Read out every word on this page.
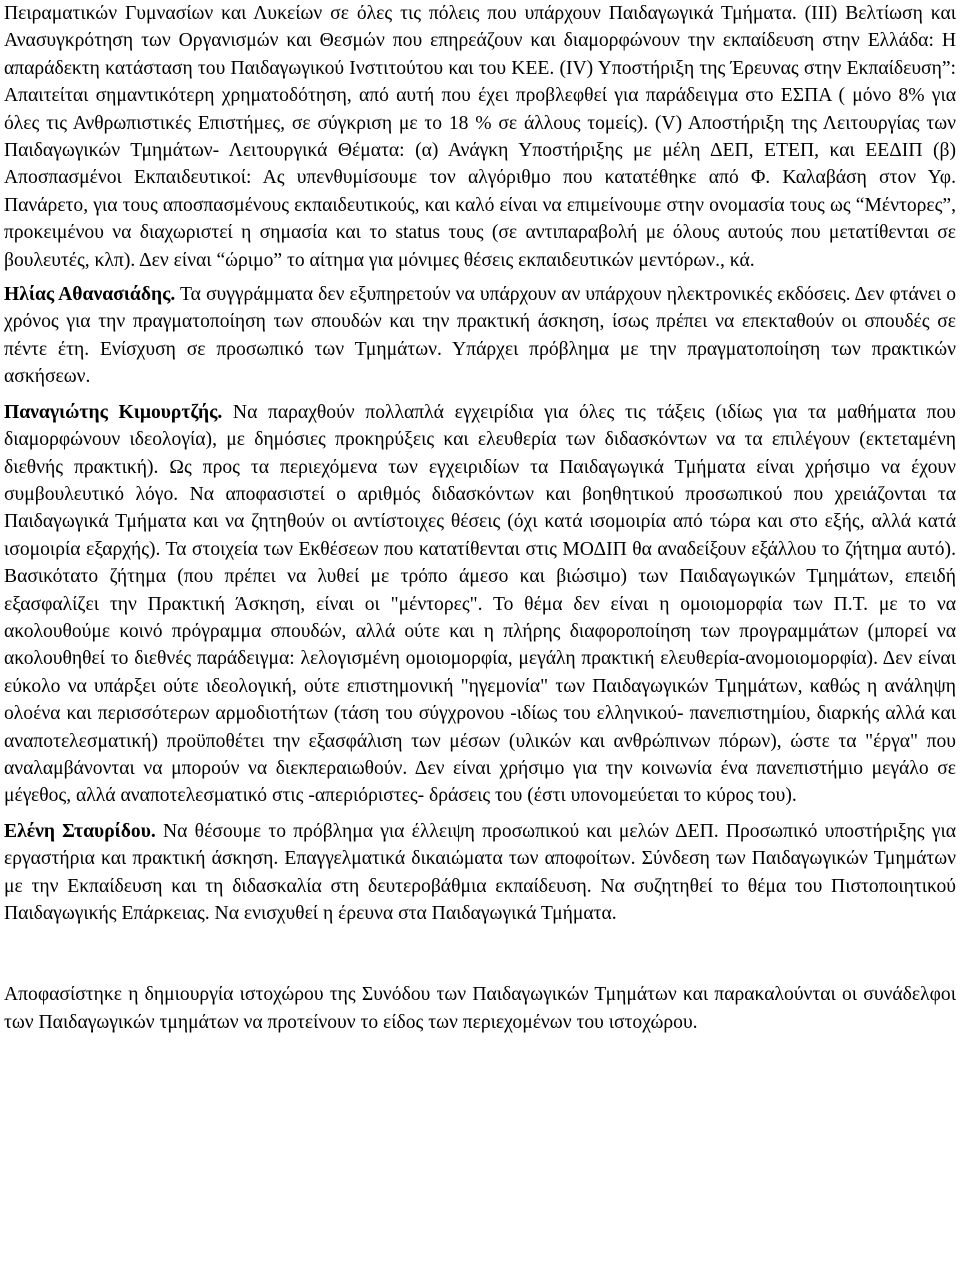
Πειραματικών Γυμνασίων και Λυκείων σε όλες τις πόλεις που υπάρχουν Παιδαγωγικά Τμήματα. (ΙΙΙ) Βελτίωση και Ανασυγκρότηση των Οργανισμών και Θεσμών που επηρεάζουν και διαμορφώνουν την εκπαίδευση στην Ελλάδα: Η απαράδεκτη κατάσταση του Παιδαγωγικού Ινστιτούτου και του ΚΕΕ. (IV) Υποστήριξη της Έρευνας στην Εκπαίδευση”: Απαιτείται σημαντικότερη χρηματοδότηση, από αυτή που έχει προβλεφθεί για παράδειγμα στο ΕΣΠΑ ( μόνο 8% για όλες τις Ανθρωπιστικές Επιστήμες, σε σύγκριση με το 18 % σε άλλους τομείς). (V) Αποστήριξη της Λειτουργίας των Παιδαγωγικών Τμημάτων- Λειτουργικά Θέματα: (α) Ανάγκη Υποστήριξης με μέλη ΔΕΠ, ΕΤΕΠ, και ΕΕΔΙΠ (β) Αποσπασμένοι Εκπαιδευτικοί: Ας υπενθυμίσουμε τον αλγόριθμο που κατατέθηκε από Φ. Καλαβάση στον Υφ. Πανάρετο, για τους αποσπασμένους εκπαιδευτικούς, και καλό είναι να επιμείνουμε στην ονομασία τους ως “Μέντορες”, προκειμένου να διαχωριστεί η σημασία και το status τους (σε αντιπαραβολή με όλους αυτούς που μετατίθενται σε βουλευτές, κλπ). Δεν είναι “ώριμο” το αίτημα για μόνιμες θέσεις εκπαιδευτικών μεντόρων., κά.

Ηλίας Αθανασιάδης. Τα συγγράμματα δεν εξυπηρετούν να υπάρχουν αν υπάρχουν ηλεκτρονικές εκδόσεις. Δεν φτάνει ο χρόνος για την πραγματοποίηση των σπουδών και την πρακτική άσκηση, ίσως πρέπει να επεκταθούν οι σπουδές σε πέντε έτη. Ενίσχυση σε προσωπικό των Τμημάτων. Υπάρχει πρόβλημα με την πραγματοποίηση των πρακτικών ασκήσεων.

Παναγιώτης Κιμουρτζής. Να παραχθούν πολλαπλά εγχειρίδια για όλες τις τάξεις (ιδίως για τα μαθήματα που διαμορφώνουν ιδεολογία), με δημόσιες προκηρύξεις και ελευθερία των διδασκόντων να τα επιλέγουν (εκτεταμένη διεθνής πρακτική). Ως προς τα περιεχόμενα των εγχειριδίων τα Παιδαγωγικά Τμήματα είναι χρήσιμο να έχουν συμβουλευτικό λόγο. Να αποφασιστεί ο αριθμός διδασκόντων και βοηθητικού προσωπικού που χρειάζονται τα Παιδαγωγικά Τμήματα και να ζητηθούν οι αντίστοιχες θέσεις (όχι κατά ισομοιρία από τώρα και στο εξής, αλλά κατά ισομοιρία εξαρχής). Τα στοιχεία των Εκθέσεων που κατατίθενται στις ΜΟΔΙΠ θα αναδείξουν εξάλλου το ζήτημα αυτό). Βασικότατο ζήτημα (που πρέπει να λυθεί με τρόπο άμεσο και βιώσιμο) των Παιδαγωγικών Τμημάτων, επειδή εξασφαλίζει την Πρακτική Άσκηση, είναι οι "μέντορες". Το θέμα δεν είναι η ομοιομορφία των Π.Τ. με το να ακολουθούμε κοινό πρόγραμμα σπουδών, αλλά ούτε και η πλήρης διαφοροποίηση των προγραμμάτων (μπορεί να ακολουθηθεί το διεθνές παράδειγμα: λελογισμένη ομοιομορφία, μεγάλη πρακτική ελευθερία-ανομοιομορφία). Δεν είναι εύκολο να υπάρξει ούτε ιδεολογική, ούτε επιστημονική "ηγεμονία" των Παιδαγωγικών Τμημάτων, καθώς η ανάληψη ολοένα και περισσότερων αρμοδιοτήτων (τάση του σύγχρονου -ιδίως του ελληνικού- πανεπιστημίου, διαρκής αλλά και αναπoτελεσματική) προϋποθέτει την εξασφάλιση των μέσων (υλικών και ανθρώπινων πόρων), ώστε τα "έργα" που αναλαμβάνονται να μπορούν να διεκπεραιωθούν. Δεν είναι χρήσιμο για την κοινωνία ένα πανεπιστήμιο μεγάλο σε μέγεθος, αλλά αναποτελεσματικό στις -απεριόριστες- δράσεις του (έστι υπονομεύεται το κύρος του).

Ελένη Σταυρίδου. Να θέσουμε το πρόβλημα για έλλειψη προσωπικού και μελών ΔΕΠ. Προσωπικό υποστήριξης για εργαστήρια και πρακτική άσκηση. Επαγγελματικά δικαιώματα των αποφοίτων. Σύνδεση των Παιδαγωγικών Τμημάτων με την Εκπαίδευση και τη διδασκαλία στη δευτεροβάθμια εκπαίδευση. Να συζητηθεί το θέμα του Πιστοποιητικού Παιδαγωγικής Επάρκειας. Να ενισχυθεί η έρευνα στα Παιδαγωγικά Τμήματα.

Αποφασίστηκε η δημιουργία ιστοχώρου της Συνόδου των Παιδαγωγικών Τμημάτων και παρακαλούνται οι συνάδελφοι των Παιδαγωγικών τμημάτων να προτείνουν το είδος των περιεχομένων του ιστοχώρου.
